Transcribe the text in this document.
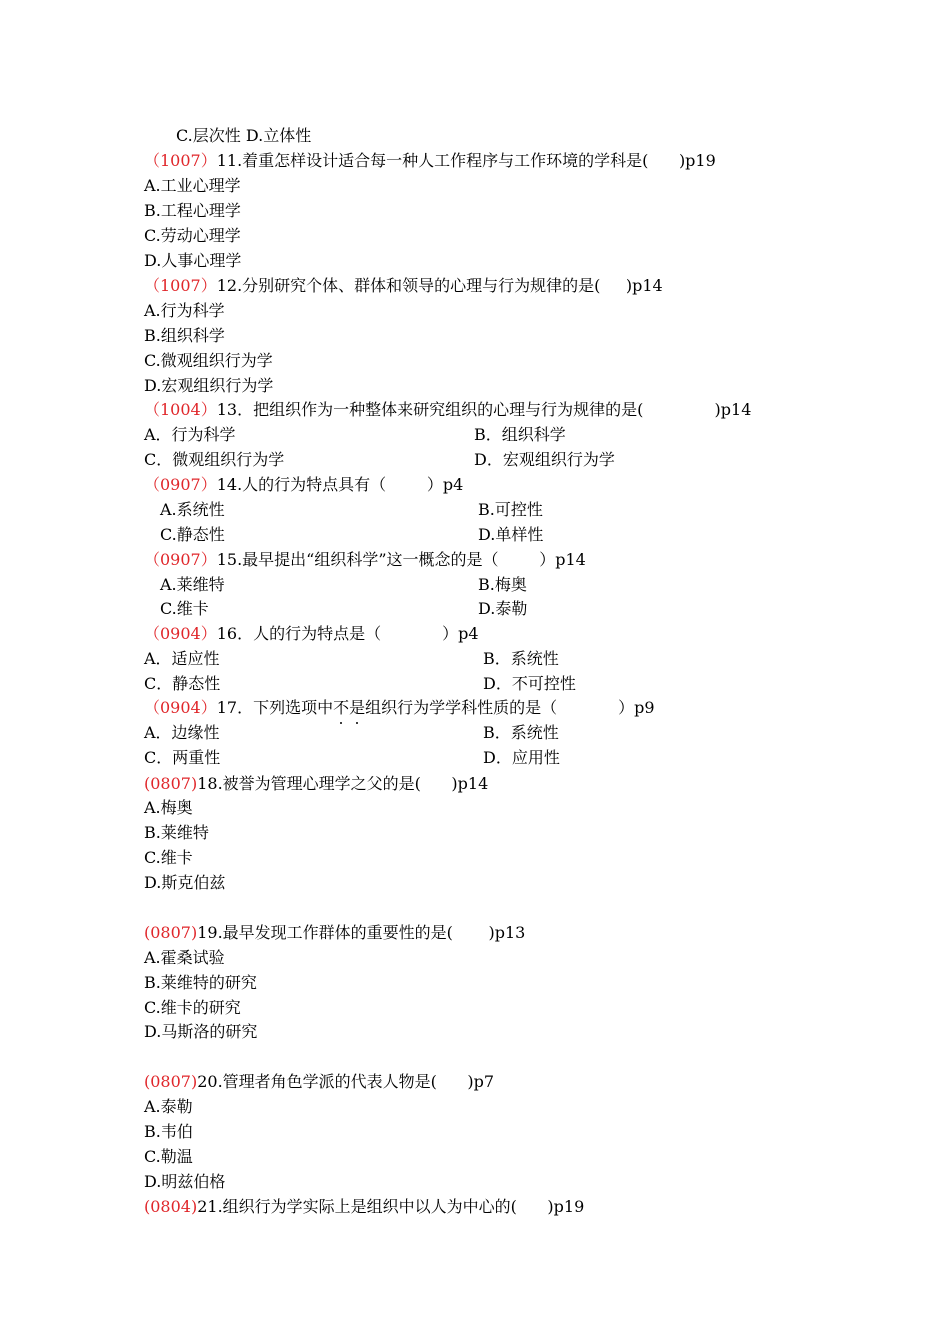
C.层次性 D.立体性
（1007）11.着重怎样设计适合每一种人工作程序与工作环境的学科是(      )p19
A.工业心理学
B.工程心理学
C.劳动心理学
D.人事心理学
（1007）12.分别研究个体、群体和领导的心理与行为规律的是(     )p14
A.行为科学
B.组织科学
C.微观组织行为学
D.宏观组织行为学
（1004）13．把组织作为一种整体来研究组织的心理与行为规律的是(              )p14
A．行为科学	B．组织科学
C．微观组织行为学	D．宏观组织行为学
（0907）14.人的行为特点具有（        ）p4
A.系统性	B.可控性
C.静态性	D.单样性
（0907）15.最早提出“组织科学”这一概念的是（        ）p14
A.莱维特	B.梅奥
C.维卡	D.泰勒
（0904）16．人的行为特点是（            ）p4
A．适应性	B．系统性
C．静态性	D．不可控性
（0904）17．下列选项中不是组织行为学学科性质的是（            ）p9
A．边缘性	B．系统性
C．两重性	D．应用性
(0807)18.被誉为管理心理学之父的是(      )p14
A.梅奥
B.莱维特
C.维卡
D.斯克伯兹
(0807)19.最早发现工作群体的重要性的是(       )p13
A.霍桑试验
B.莱维特的研究
C.维卡的研究
D.马斯洛的研究
(0807)20.管理者角色学派的代表人物是(      )p7
A.泰勒
B.韦伯
C.勒温
D.明兹伯格
(0804)21.组织行为学实际上是组织中以人为中心的(      )p19
